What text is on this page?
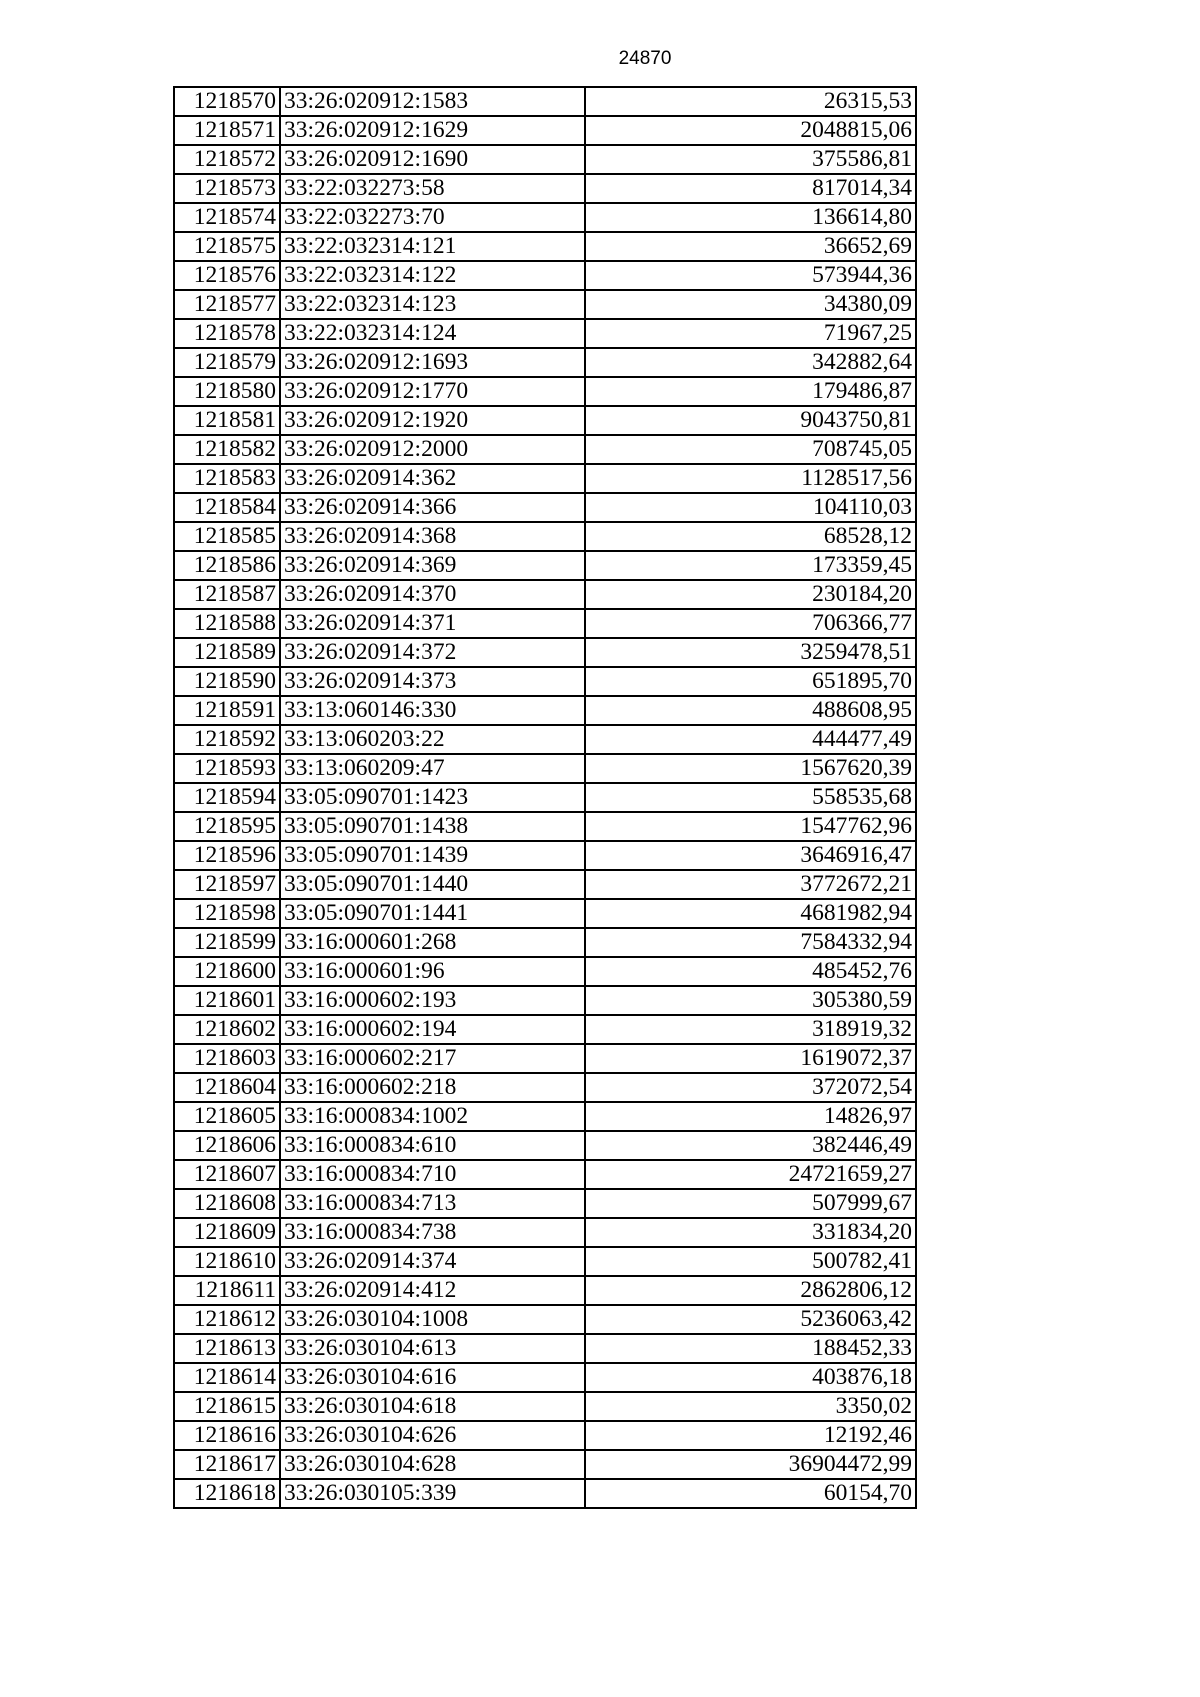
24870
1218570	33:26:020912:1583	26315,53
1218571	33:26:020912:1629	2048815,06
1218572	33:26:020912:1690	375586,81
1218573	33:22:032273:58	817014,34
1218574	33:22:032273:70	136614,80
1218575	33:22:032314:121	36652,69
1218576	33:22:032314:122	573944,36
1218577	33:22:032314:123	34380,09
1218578	33:22:032314:124	71967,25
1218579	33:26:020912:1693	342882,64
1218580	33:26:020912:1770	179486,87
1218581	33:26:020912:1920	9043750,81
1218582	33:26:020912:2000	708745,05
1218583	33:26:020914:362	1128517,56
1218584	33:26:020914:366	104110,03
1218585	33:26:020914:368	68528,12
1218586	33:26:020914:369	173359,45
1218587	33:26:020914:370	230184,20
1218588	33:26:020914:371	706366,77
1218589	33:26:020914:372	3259478,51
1218590	33:26:020914:373	651895,70
1218591	33:13:060146:330	488608,95
1218592	33:13:060203:22	444477,49
1218593	33:13:060209:47	1567620,39
1218594	33:05:090701:1423	558535,68
1218595	33:05:090701:1438	1547762,96
1218596	33:05:090701:1439	3646916,47
1218597	33:05:090701:1440	3772672,21
1218598	33:05:090701:1441	4681982,94
1218599	33:16:000601:268	7584332,94
1218600	33:16:000601:96	485452,76
1218601	33:16:000602:193	305380,59
1218602	33:16:000602:194	318919,32
1218603	33:16:000602:217	1619072,37
1218604	33:16:000602:218	372072,54
1218605	33:16:000834:1002	14826,97
1218606	33:16:000834:610	382446,49
1218607	33:16:000834:710	24721659,27
1218608	33:16:000834:713	507999,67
1218609	33:16:000834:738	331834,20
1218610	33:26:020914:374	500782,41
1218611	33:26:020914:412	2862806,12
1218612	33:26:030104:1008	5236063,42
1218613	33:26:030104:613	188452,33
1218614	33:26:030104:616	403876,18
1218615	33:26:030104:618	3350,02
1218616	33:26:030104:626	12192,46
1218617	33:26:030104:628	36904472,99
1218618	33:26:030105:339	60154,70
